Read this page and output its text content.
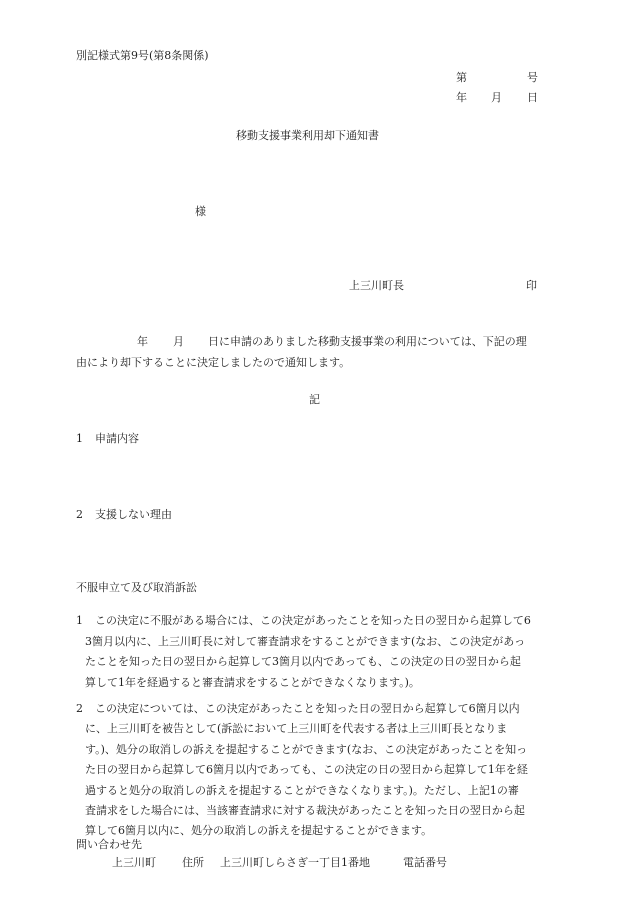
別記様式第9号(第8条関係)
第	号
年 月 日
移動支援事業利用却下通知書
様
上三川町長	印
年 月 日に申請のありました移動支援事業の利用については、下記の理
由により却下することに決定しましたので通知します。
記
1 申請内容
2 支援しない理由
不服申立て及び取消訴訟
1 この決定に不服がある場合には、この決定があったことを知った日の翌日から起算して6
3箇月以内に、上三川町長に対して審査請求をすることができます(なお、この決定があっ
たことを知った日の翌日から起算して3箇月以内であっても、この決定の日の翌日から起
算して1年を経過すると審査請求をすることができなくなります。)。
2 この決定については、この決定があったことを知った日の翌日から起算して6箇月以内
に、上三川町を被告として(訴訟において上三川町を代表する者は上三川町長となりま
す。)、処分の取消しの訴えを提起することができます(なお、この決定があったことを知っ
た日の翌日から起算して6箇月以内であっても、この決定の日の翌日から起算して1年を経
過すると処分の取消しの訴えを提起することができなくなります。)。ただし、上記1の審
査請求をした場合には、当該審査請求に対する裁決があったことを知った日の翌日から起
算して6箇月以内に、処分の取消しの訴えを提起することができます。
問い合わせ先
上三川町 住所 上三川町しらさぎ一丁目1番地	電話番号
